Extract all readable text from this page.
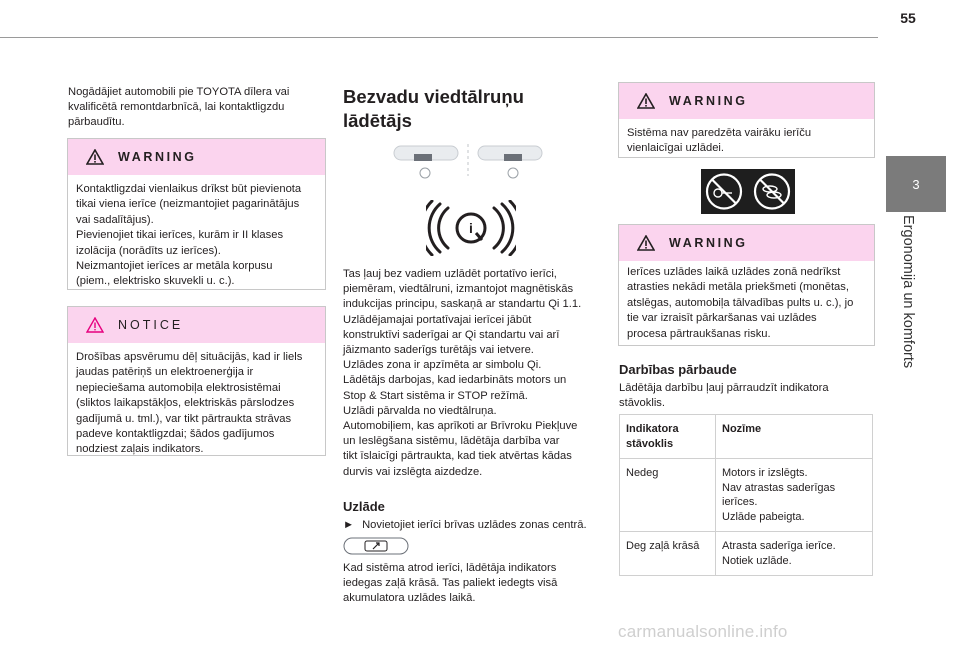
55
3
Ergonomija un komforts
Nogādājiet automobili pie TOYOTA dīlera vai
kvalificētā remontdarbnīcā, lai kontaktligzdu
pārbaudītu.
WARNING
Kontaktligzdai vienlaikus drīkst būt pievienota
tikai viena ierīce (neizmantojiet pagarinātājus
vai sadalītājus).
Pievienojiet tikai ierīces, kurām ir II klases
izolācija (norādīts uz ierīces).
Neizmantojiet ierīces ar metāla korpusu
(piem., elektrisko skuvekli u. c.).
NOTICE
Drošības apsvērumu dēļ situācijās, kad ir liels
jaudas patēriņš un elektroenerģija ir
nepieciešama automobiļa elektrosistēmai
(sliktos laikapstākļos, elektriskās pārslodzes
gadījumā u. tml.), var tikt pārtraukta strāvas
padeve kontaktligzdai; šādos gadījumos
nodziest zaļais indikators.
Bezvadu viedtālruņu
lādētājs
i
Tas ļauj bez vadiem uzlādēt portatīvo ierīci,
piemēram, viedtālruni, izmantojot magnētiskās
indukcijas principu, saskaņā ar standartu Qi 1.1.
Uzlādējamajai portatīvajai ierīcei jābūt
konstruktīvi saderīgai ar Qi standartu vai arī
jāizmanto saderīgs turētājs vai ietvere.
Uzlādes zona ir apzīmēta ar simbolu Qi.
Lādētājs darbojas, kad iedarbināts motors un
Stop & Start sistēma ir STOP režīmā.
Uzlādi pārvalda no viedtālruņa.
Automobiļiem, kas aprīkoti ar Brīvroku Piekļuve
un Ieslēgšana sistēmu, lādētāja darbība var
tikt īslaicīgi pārtraukta, kad tiek atvērtas kādas
durvis vai izslēgta aizdedze.
Uzlāde
► Novietojiet ierīci brīvas uzlādes zonas centrā.
Kad sistēma atrod ierīci, lādētāja indikators
iedegas zaļā krāsā. Tas paliekt iedegts visā
akumulatora uzlādes laikā.
WARNING
Sistēma nav paredzēta vairāku ierīču
vienlaicīgai uzlādei.
WARNING
Ierīces uzlādes laikā uzlādes zonā nedrīkst
atrasties nekādi metāla priekšmeti (monētas,
atslēgas, automobiļa tālvadības pults u. c.), jo
tie var izraisīt pārkaršanas vai uzlādes
procesa pārtraukšanas risku.
Darbības pārbaude
Lādētāja darbību ļauj pārraudzīt indikatora
stāvoklis.
Indikatora
stāvoklis	Nozīme
Nedeg	Motors ir izslēgts.
Nav atrastas saderīgas
ierīces.
Uzlāde pabeigta.
Deg zaļā krāsā	Atrasta saderīga ierīce.
Notiek uzlāde.
carmanualsonline.info
